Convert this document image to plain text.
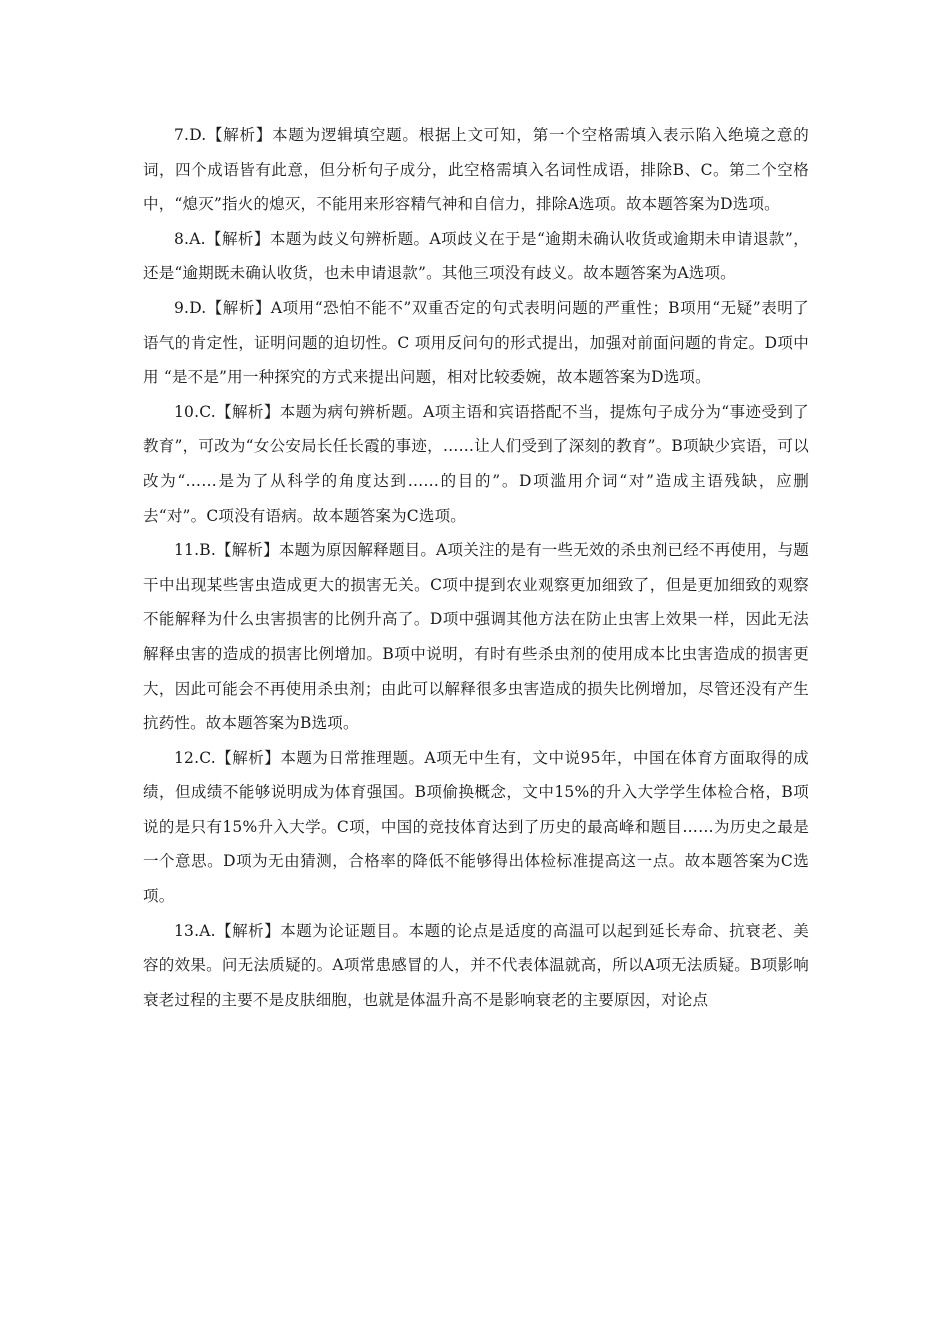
7.D.【解析】本题为逻辑填空题。根据上文可知，第一个空格需填入表示陷入绝境之意的词，四个成语皆有此意，但分析句子成分，此空格需填入名词性成语，排除B、C。第二个空格中，“熄灭”指火的熄灭，不能用来形容精气神和自信力，排除A选项。故本题答案为D选项。

8.A.【解析】本题为歧义句辨析题。A项歧义在于是“逾期未确认收货或逾期未申请退款”，还是“逾期既未确认收货，也未申请退款”。其他三项没有歧义。故本题答案为A选项。

9.D.【解析】A项用“恐怕不能不”双重否定的句式表明问题的严重性；B项用“无疑”表明了语气的肯定性，证明问题的迫切性。C 项用反问句的形式提出，加强对前面问题的肯定。D项中用 “是不是”用一种探究的方式来提出问题，相对比较委婉，故本题答案为D选项。

10.C.【解析】本题为病句辨析题。A项主语和宾语搭配不当，提炼句子成分为“事迹受到了教育”，可改为“女公安局长任长霞的事迹，……让人们受到了深刻的教育”。B项缺少宾语，可以改为“……是为了从科学的角度达到……的目的”。D项滥用介词“对”造成主语残缺，应删去“对”。C项没有语病。故本题答案为C选项。

11.B.【解析】本题为原因解释题目。A项关注的是有一些无效的杀虫剂已经不再使用，与题干中出现某些害虫造成更大的损害无关。C项中提到农业观察更加细致了，但是更加细致的观察不能解释为什么虫害损害的比例升高了。D项中强调其他方法在防止虫害上效果一样，因此无法解释虫害的造成的损害比例增加。B项中说明，有时有些杀虫剂的使用成本比虫害造成的损害更大，因此可能会不再使用杀虫剂；由此可以解释很多虫害造成的损失比例增加，尽管还没有产生抗药性。故本题答案为B选项。

12.C.【解析】本题为日常推理题。A项无中生有，文中说95年，中国在体育方面取得的成绩，但成绩不能够说明成为体育强国。B项偷换概念，文中15%的升入大学学生体检合格，B项说的是只有15%升入大学。C项，中国的竞技体育达到了历史的最高峰和题目……为历史之最是一个意思。D项为无由猜测，合格率的降低不能够得出体检标准提高这一点。故本题答案为C选项。

13.A.【解析】本题为论证题目。本题的论点是适度的高温可以起到延长寿命、抗衰老、美容的效果。问无法质疑的。A项常患感冒的人，并不代表体温就高，所以A项无法质疑。B项影响衰老过程的主要不是皮肤细胞，也就是体温升高不是影响衰老的主要原因，对论点
